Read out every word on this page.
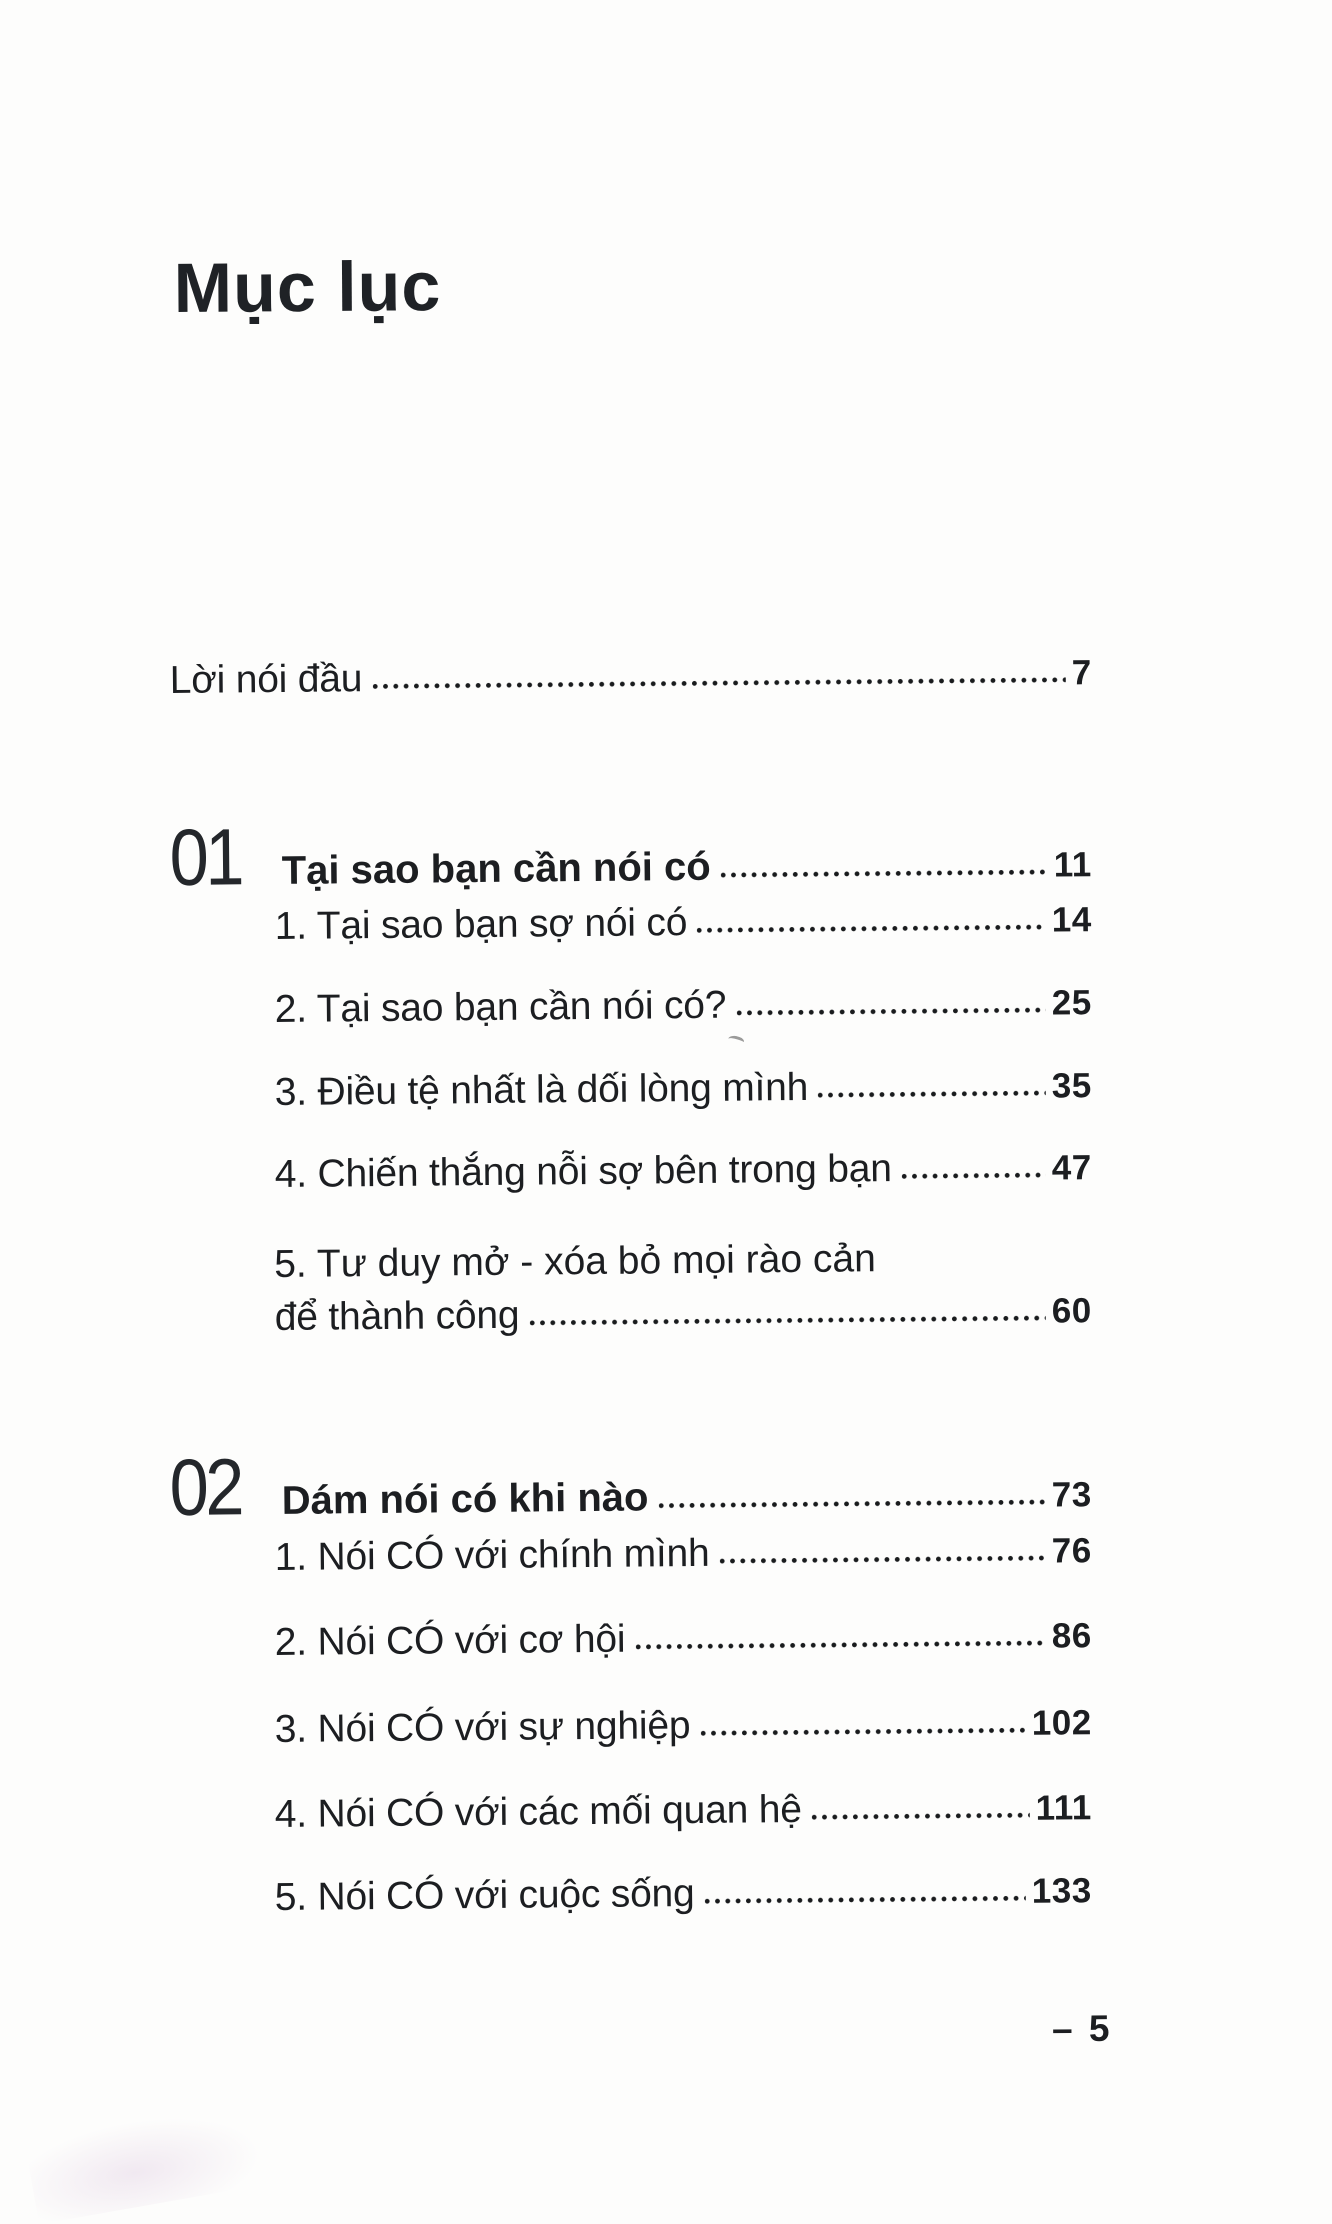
Mục lục
Lời nói đầu	7
01	Tại sao bạn cần nói có	11
1. Tại sao bạn sợ nói có	14
2. Tại sao bạn cần nói có?	25
3. Điều tệ nhất là dối lòng mình	35
4. Chiến thắng nỗi sợ bên trong bạn	47
5. Tư duy mở - xóa bỏ mọi rào cản
để thành công	60
02	Dám nói có khi nào	73
1. Nói CÓ với chính mình	76
2. Nói CÓ với cơ hội	86
3. Nói CÓ với sự nghiệp	102
4. Nói CÓ với các mối quan hệ	111
5. Nói CÓ với cuộc sống	133
– 5
